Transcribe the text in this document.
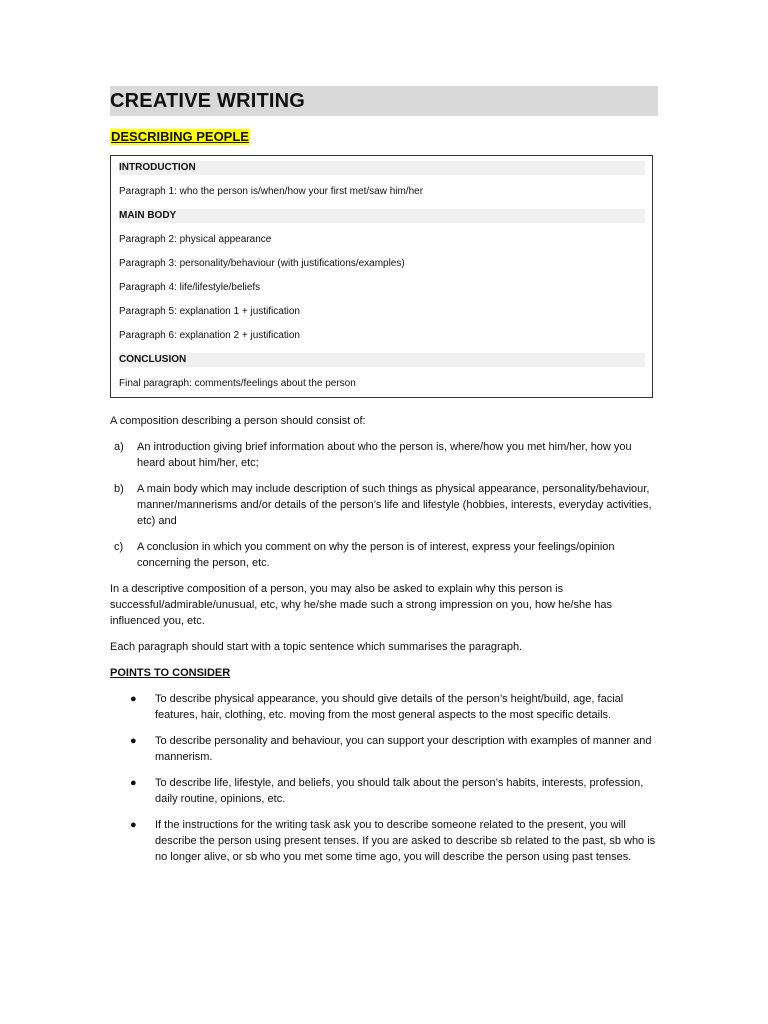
CREATIVE WRITING
DESCRIBING PEOPLE
INTRODUCTION

Paragraph 1: who the person is/when/how your first met/saw him/her

MAIN BODY

Paragraph 2: physical appearance

Paragraph 3: personality/behaviour (with justifications/examples)

Paragraph 4: life/lifestyle/beliefs

Paragraph 5: explanation 1 + justification

Paragraph 6: explanation 2 + justification

CONCLUSION

Final paragraph: comments/feelings about the person

A composition describing a person should consist of:

a) An introduction giving brief information about who the person is, where/how you met him/her, how you heard about him/her, etc;
b) A main body which may include description of such things as physical appearance, personality/behaviour, manner/mannerisms and/or details of the person’s life and lifestyle (hobbies, interests, everyday activities, etc) and
c) A conclusion in which you comment on why the person is of interest, express your feelings/opinion concerning the person, etc.

In a descriptive composition of a person, you may also be asked to explain why this person is successful/admirable/unusual, etc, why he/she made such a strong impression on you, how he/she has influenced you, etc.

Each paragraph should start with a topic sentence which summarises the paragraph.

POINTS TO CONSIDER

● To describe physical appearance, you should give details of the person’s height/build, age, facial features, hair, clothing, etc. moving from the most general aspects to the most specific details.
● To describe personality and behaviour, you can support your description with examples of manner and mannerism.
● To describe life, lifestyle, and beliefs, you should talk about the person’s habits, interests, profession, daily routine, opinions, etc.
● If the instructions for the writing task ask you to describe someone related to the present, you will describe the person using present tenses. If you are asked to describe sb related to the past, sb who is no longer alive, or sb who you met some time ago, you will describe the person using past tenses.
